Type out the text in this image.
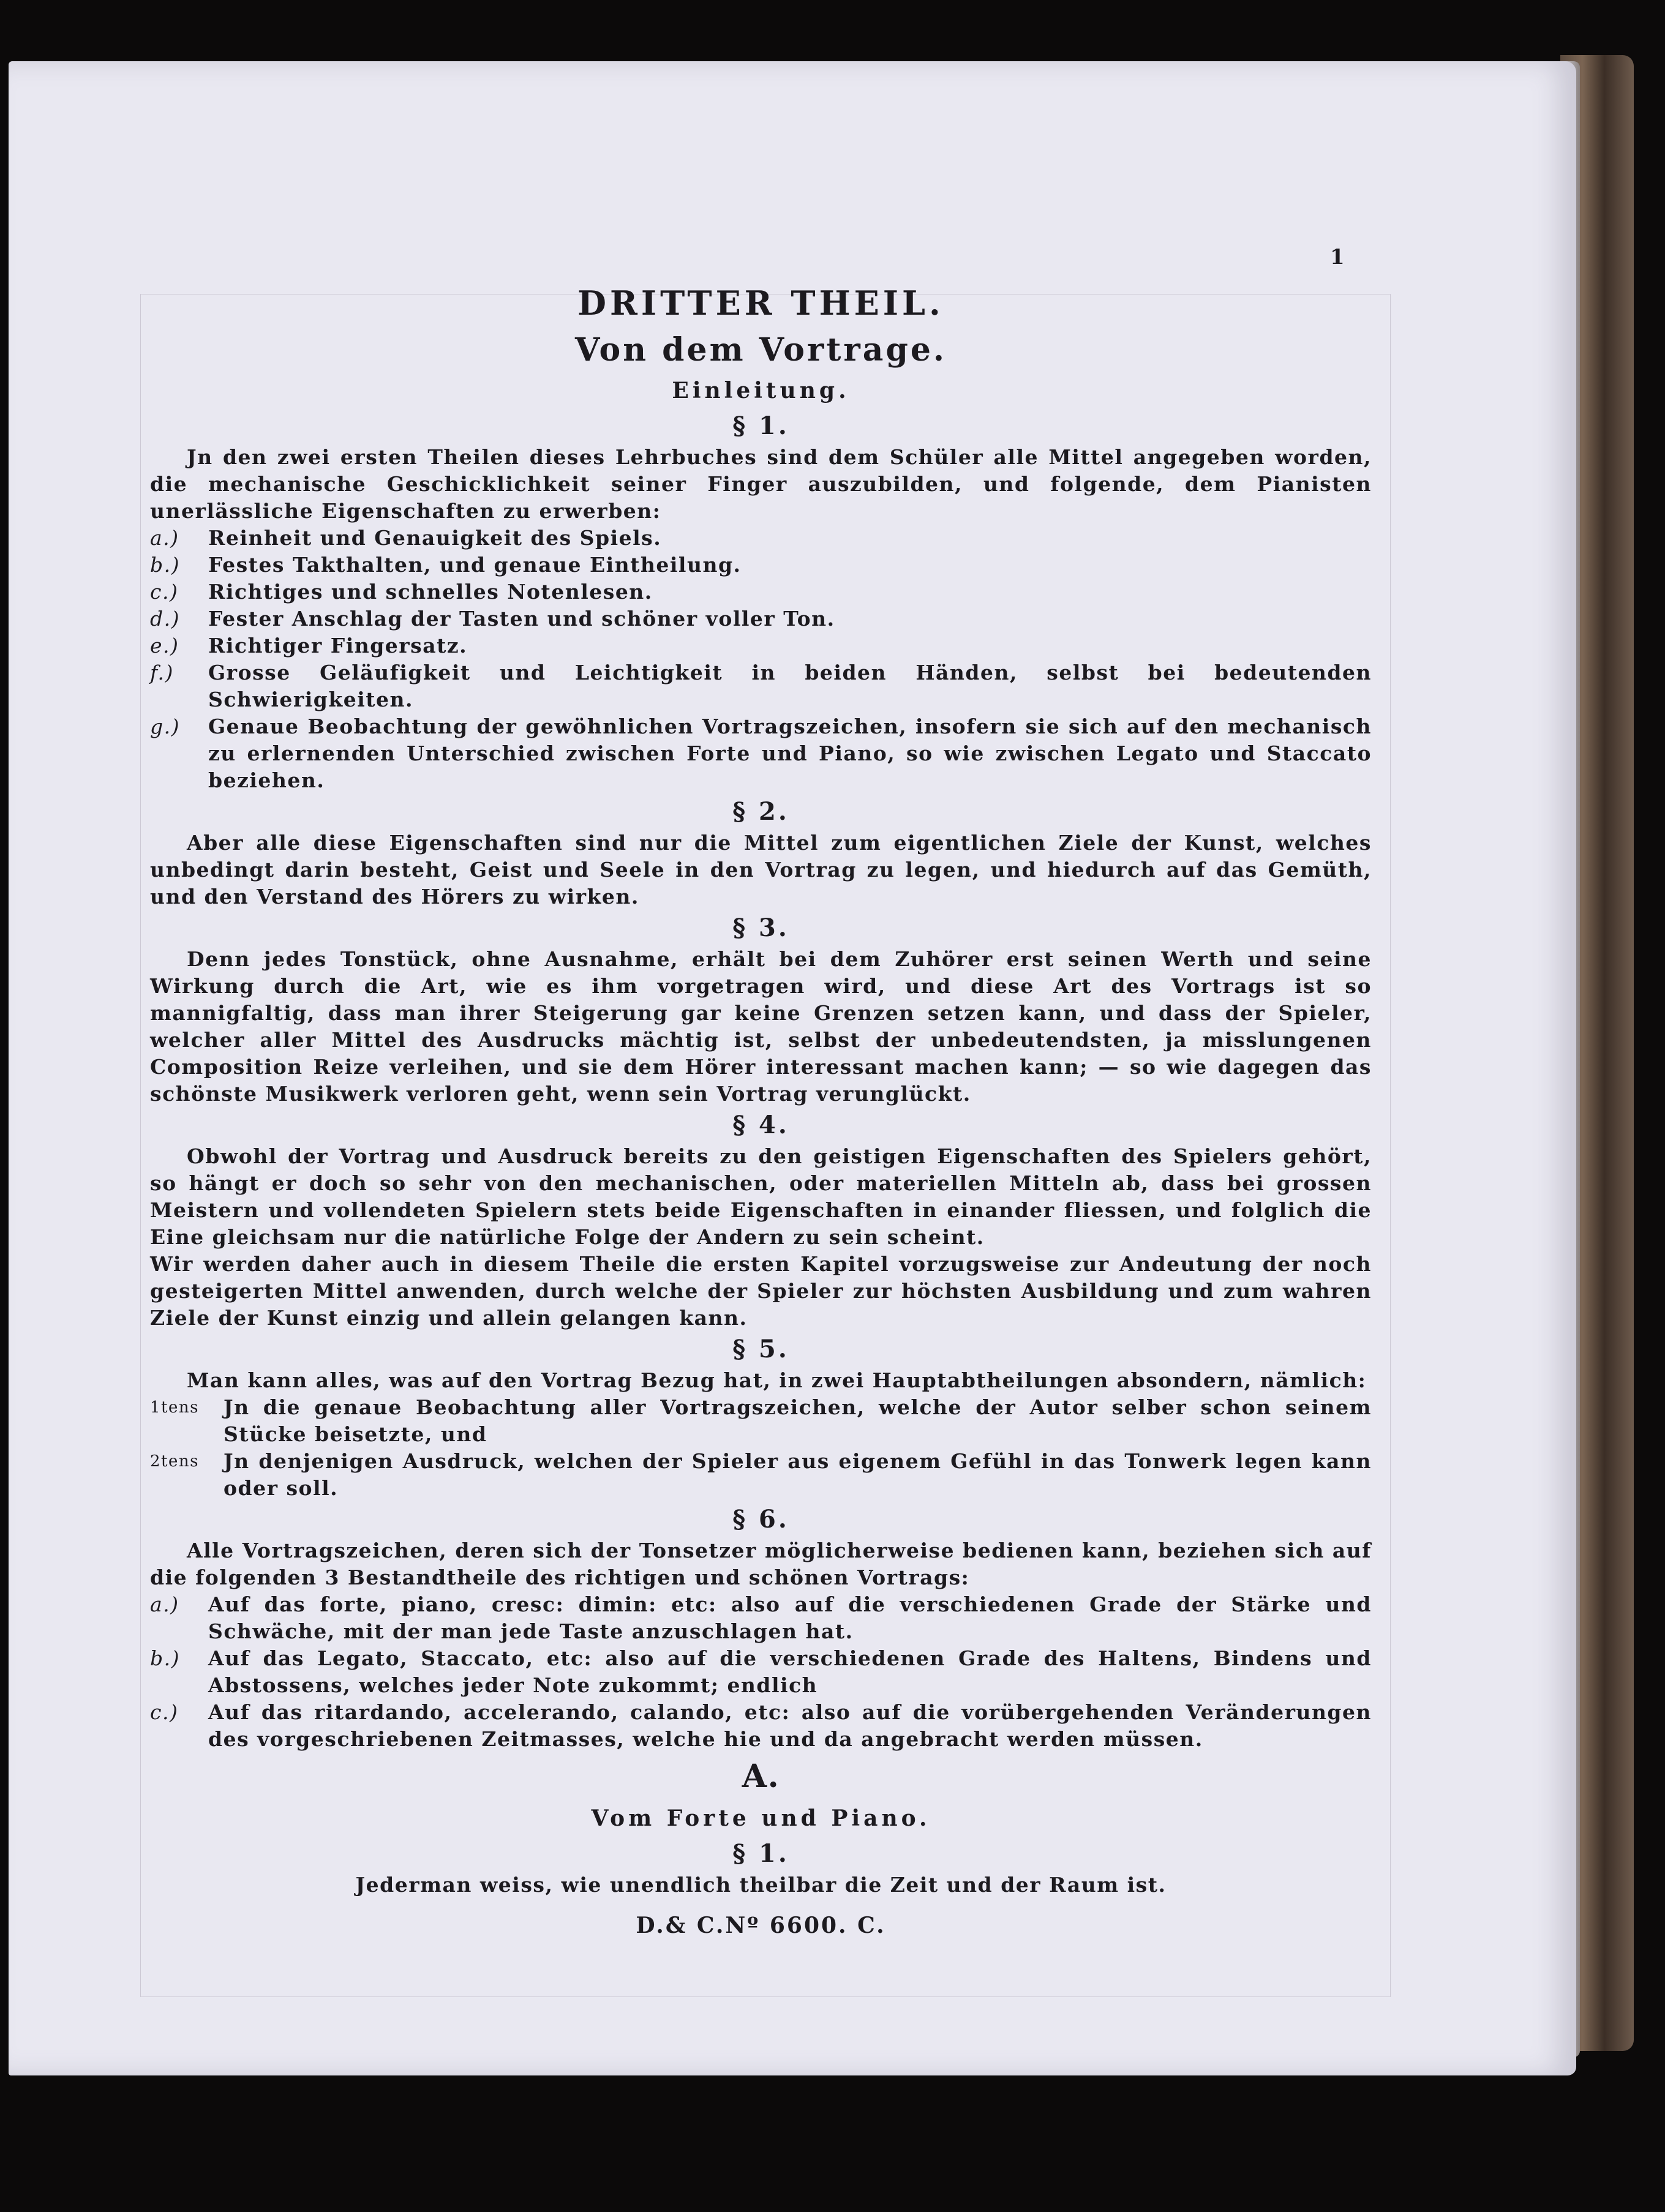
1
DRITTER THEIL.
Von dem Vortrage.
Einleitung.
§ 1.

Jn den zwei ersten Theilen dieses Lehrbuches sind dem Schüler alle Mittel angegeben worden, die mechanische Geschicklichkeit seiner Finger auszubilden, und folgende, dem Pianisten unerlässliche Eigenschaften zu erwerben:

a.)	Reinheit und Genauigkeit des Spiels.
b.)	Festes Takthalten, und genaue Eintheilung.
c.)	Richtiges und schnelles Notenlesen.
d.)	Fester Anschlag der Tasten und schöner voller Ton.
e.)	Richtiger Fingersatz.
f.)	Grosse Geläufigkeit und Leichtigkeit in beiden Händen, selbst bei bedeutenden Schwierigkeiten.
g.)	Genaue Beobachtung der gewöhnlichen Vortragszeichen, insofern sie sich auf den mechanisch zu erlernenden Unterschied zwischen Forte und Piano, so wie zwischen Legato und Staccato beziehen.
§ 2.

Aber alle diese Eigenschaften sind nur die Mittel zum eigentlichen Ziele der Kunst, welches unbedingt darin besteht, Geist und Seele in den Vortrag zu legen, und hiedurch auf das Gemüth, und den Verstand des Hörers zu wirken.

§ 3.

Denn jedes Tonstück, ohne Ausnahme, erhält bei dem Zuhörer erst seinen Werth und seine Wirkung durch die Art, wie es ihm vorgetragen wird, und diese Art des Vortrags ist so mannigfaltig, dass man ihrer Steigerung gar keine Grenzen setzen kann, und dass der Spieler, welcher aller Mittel des Ausdrucks mächtig ist, selbst der unbedeutendsten, ja misslungenen Composition Reize verleihen, und sie dem Hörer interessant machen kann; — so wie dagegen das schönste Musikwerk verloren geht, wenn sein Vortrag verunglückt.

§ 4.

Obwohl der Vortrag und Ausdruck bereits zu den geistigen Eigenschaften des Spielers gehört, so hängt er doch so sehr von den mechanischen, oder materiellen Mitteln ab, dass bei grossen Meistern und vollendeten Spielern stets beide Eigenschaften in einander fliessen, und folglich die Eine gleichsam nur die natürliche Folge der Andern zu sein scheint.

Wir werden daher auch in diesem Theile die ersten Kapitel vorzugsweise zur Andeutung der noch gesteigerten Mittel anwenden, durch welche der Spieler zur höchsten Ausbildung und zum wahren Ziele der Kunst einzig und allein gelangen kann.

§ 5.

Man kann alles, was auf den Vortrag Bezug hat, in zwei Hauptabtheilungen absondern, nämlich:

1tens	Jn die genaue Beobachtung aller Vortragszeichen, welche der Autor selber schon seinem Stücke beisetzte, und
2tens	Jn denjenigen Ausdruck, welchen der Spieler aus eigenem Gefühl in das Tonwerk legen kann oder soll.
§ 6.

Alle Vortragszeichen, deren sich der Tonsetzer möglicherweise bedienen kann, beziehen sich auf die folgenden 3 Bestandtheile des richtigen und schönen Vortrags:

a.)	Auf das forte, piano, cresc: dimin: etc: also auf die verschiedenen Grade der Stärke und Schwäche, mit der man jede Taste anzuschlagen hat.
b.)	Auf das Legato, Staccato, etc: also auf die verschiedenen Grade des Haltens, Bindens und Abstossens, welches jeder Note zukommt; endlich
c.)	Auf das ritardando, accelerando, calando, etc: also auf die vorübergehenden Veränderungen des vorgeschriebenen Zeitmasses, welche hie und da angebracht werden müssen.
A.
Vom Forte und Piano.
§ 1.

Jederman weiss, wie unendlich theilbar die Zeit und der Raum ist.

D.& C.Nº 6600. C.
